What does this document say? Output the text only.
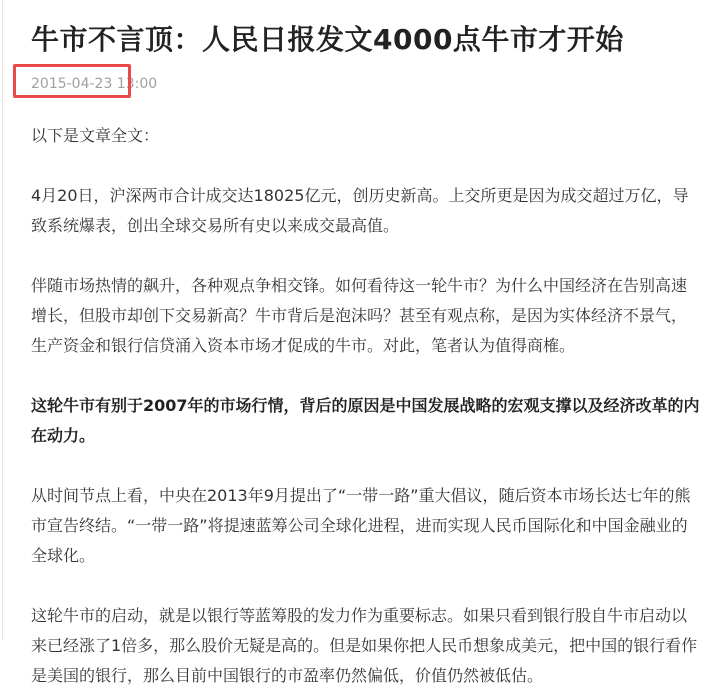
牛市不言顶：人民日报发文4000点牛市才开始
2015-04-23 13:00

以下是文章全文：

4月20日，沪深两市合计成交达18025亿元，创历史新高。上交所更是因为成交超过万亿，导致系统爆表，创出全球交易所有史以来成交最高值。

伴随市场热情的飙升，各种观点争相交锋。如何看待这一轮牛市？为什么中国经济在告别高速增长，但股市却创下交易新高？牛市背后是泡沫吗？甚至有观点称，是因为实体经济不景气，生产资金和银行信贷涌入资本市场才促成的牛市。对此，笔者认为值得商榷。

这轮牛市有别于2007年的市场行情，背后的原因是中国发展战略的宏观支撑以及经济改革的内在动力。

从时间节点上看，中央在2013年9月提出了“一带一路”重大倡议，随后资本市场长达七年的熊市宣告终结。“一带一路”将提速蓝筹公司全球化进程，进而实现人民币国际化和中国金融业的全球化。

这轮牛市的启动，就是以银行等蓝筹股的发力作为重要标志。如果只看到银行股自牛市启动以来已经涨了1倍多，那么股价无疑是高的。但是如果你把人民币想象成美元，把中国的银行看作是美国的银行，那么目前中国银行的市盈率仍然偏低，价值仍然被低估。
